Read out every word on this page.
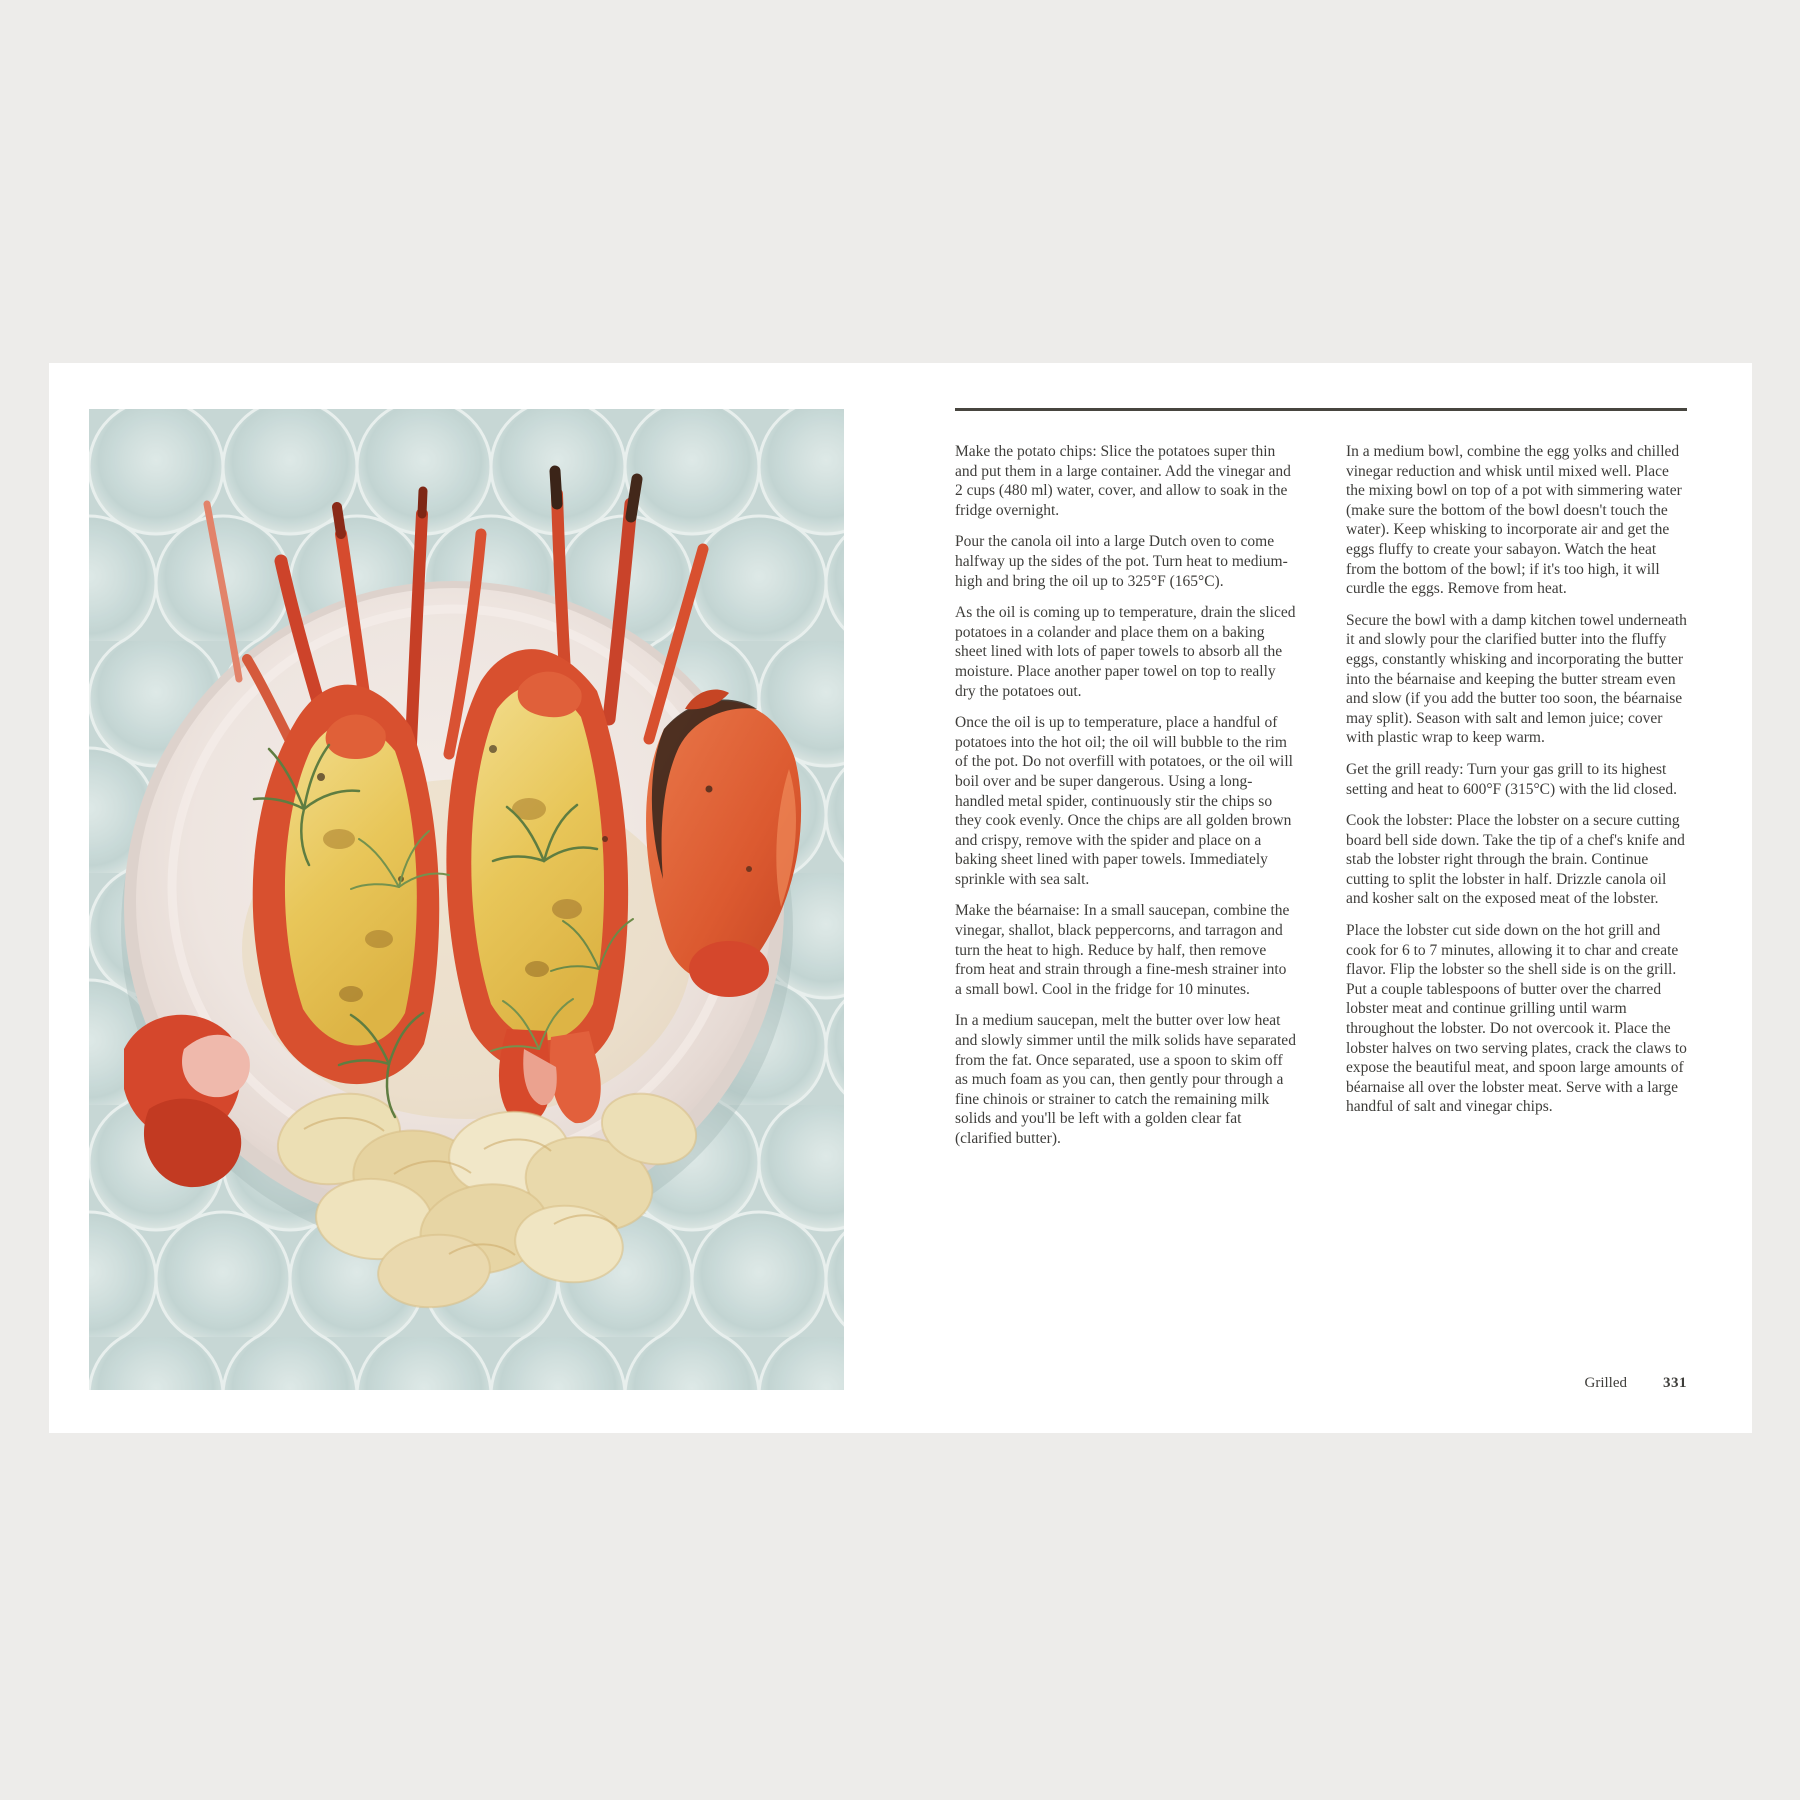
Make the potato chips: Slice the potatoes super thin and put them in a large container. Add the vinegar and 2 cups (480 ml) water, cover, and allow to soak in the fridge overnight.

Pour the canola oil into a large Dutch oven to come halfway up the sides of the pot. Turn heat to medium-high and bring the oil up to 325°F (165°C).

As the oil is coming up to temperature, drain the sliced potatoes in a colander and place them on a baking sheet lined with lots of paper towels to absorb all the moisture. Place another paper towel on top to really dry the potatoes out.

Once the oil is up to temperature, place a handful of potatoes into the hot oil; the oil will bubble to the rim of the pot. Do not overfill with potatoes, or the oil will boil over and be super dangerous. Using a long-handled metal spider, continuously stir the chips so they cook evenly. Once the chips are all golden brown and crispy, remove with the spider and place on a baking sheet lined with paper towels. Immediately sprinkle with sea salt.

Make the béarnaise: In a small saucepan, combine the vinegar, shallot, black peppercorns, and tarragon and turn the heat to high. Reduce by half, then remove from heat and strain through a fine-mesh strainer into a small bowl. Cool in the fridge for 10 minutes.

In a medium saucepan, melt the butter over low heat and slowly simmer until the milk solids have separated from the fat. Once separated, use a spoon to skim off as much foam as you can, then gently pour through a fine chinois or strainer to catch the remaining milk solids and you'll be left with a golden clear fat (clarified butter).

In a medium bowl, combine the egg yolks and chilled vinegar reduction and whisk until mixed well. Place the mixing bowl on top of a pot with simmering water (make sure the bottom of the bowl doesn't touch the water). Keep whisking to incorporate air and get the eggs fluffy to create your sabayon. Watch the heat from the bottom of the bowl; if it's too high, it will curdle the eggs. Remove from heat.

Secure the bowl with a damp kitchen towel underneath it and slowly pour the clarified butter into the fluffy eggs, constantly whisking and incorporating the butter into the béarnaise and keeping the butter stream even and slow (if you add the butter too soon, the béarnaise may split). Season with salt and lemon juice; cover with plastic wrap to keep warm.

Get the grill ready: Turn your gas grill to its highest setting and heat to 600°F (315°C) with the lid closed.

Cook the lobster: Place the lobster on a secure cutting board bell side down. Take the tip of a chef's knife and stab the lobster right through the brain. Continue cutting to split the lobster in half. Drizzle canola oil and kosher salt on the exposed meat of the lobster.

Place the lobster cut side down on the hot grill and cook for 6 to 7 minutes, allowing it to char and create flavor. Flip the lobster so the shell side is on the grill. Put a couple tablespoons of butter over the charred lobster meat and continue grilling until warm throughout the lobster. Do not overcook it. Place the lobster halves on two serving plates, crack the claws to expose the beautiful meat, and spoon large amounts of béarnaise all over the lobster meat. Serve with a large handful of salt and vinegar chips.

Grilled 331
